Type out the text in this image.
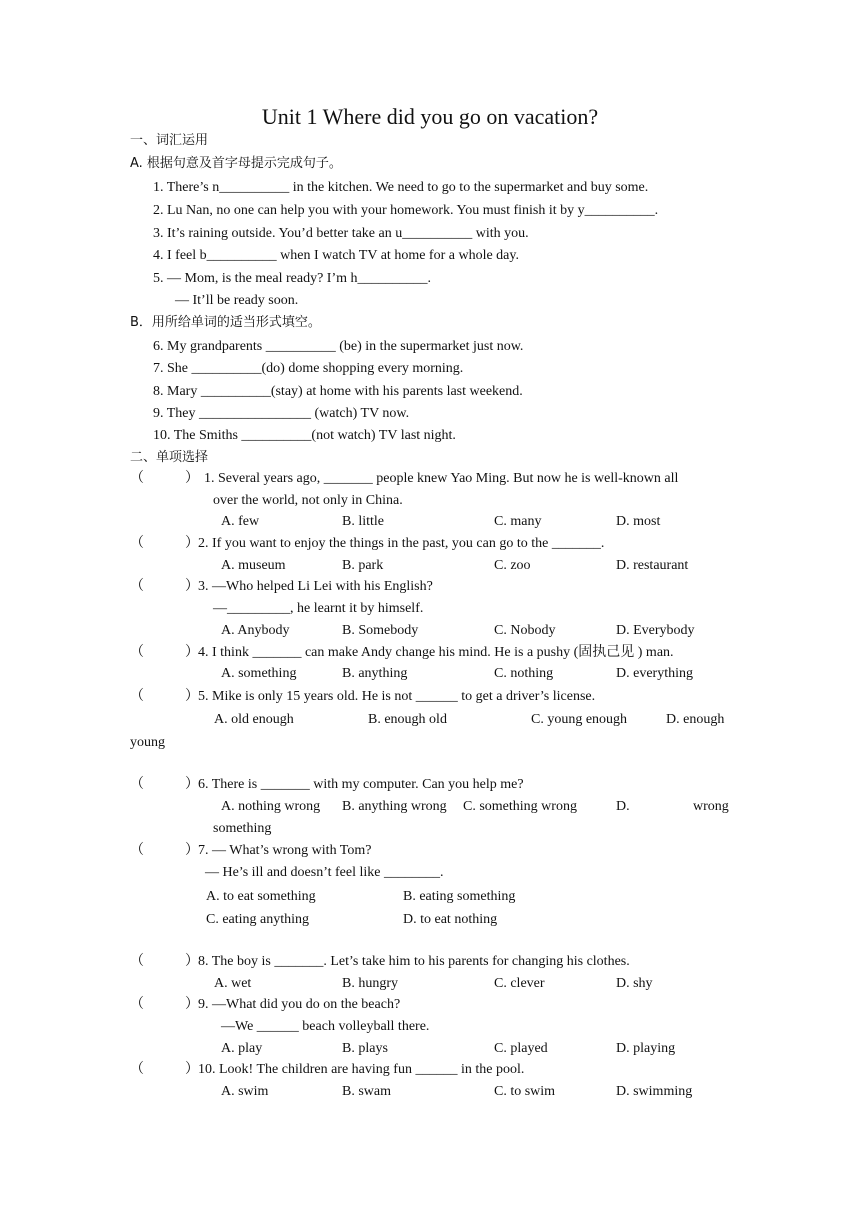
Unit 1 Where did you go on vacation?
一、词汇运用
A. 根据句意及首字母提示完成句子。
1. There’s n__________ in the kitchen. We need to go to the supermarket and buy some.
2. Lu Nan, no one can help you with your homework. You must finish it by y__________.
3. It’s raining outside. You’d better take an u__________ with you.
4. I feel b__________ when I watch TV at home for a whole day.
5. — Mom, is the meal ready? I’m h__________.
— It’ll be ready soon.
B．用所给单词的适当形式填空。
6. My grandparents __________ (be) in the supermarket just now.
7. She __________(do) dome shopping every morning.
8. Mary __________(stay) at home with his parents last weekend.
9. They ________________ (watch) TV now.
10. The Smiths __________(not watch) TV last night.
二、单项选择
（	） 1. Several years ago, _______ people knew Yao Ming. But now he is well-known all
over the world, not only in China.
A. few	B. little	C. many	D. most
（	） 2. If you want to enjoy the things in the past, you can go to the _______.
A. museum	B. park	C. zoo	D. restaurant
（	） 3. —Who helped Li Lei with his English?
—_________, he learnt it by himself.
A. Anybody	B. Somebody	C. Nobody	D. Everybody
（	） 4. I think _______ can make Andy change his mind. He is a pushy (固执己见 ) man.
A. something	B. anything	C. nothing	D. everything
（	） 5. Mike is only 15 years old. He is not ______ to get a driver’s license.
A. old enough	B. enough old	C. young enough	D. enough
young
（	） 6. There is _______ with my computer. Can you help me?
A. nothing wrong B. anything wrong C. something wrong	D.	wrong
something
（	） 7. — What’s wrong with Tom?
— He’s ill and doesn’t feel like ________.
A. to eat something	B. eating something
C. eating anything	D. to eat nothing
（	） 8. The boy is _______. Let’s take him to his parents for changing his clothes.
A. wet	B. hungry	C. clever	D. shy
（	） 9. —What did you do on the beach?
—We ______ beach volleyball there.
A. play	B. plays	C. played	D. playing
（	） 10. Look! The children are having fun ______ in the pool.
A. swim	B. swam	C. to swim	D. swimming
